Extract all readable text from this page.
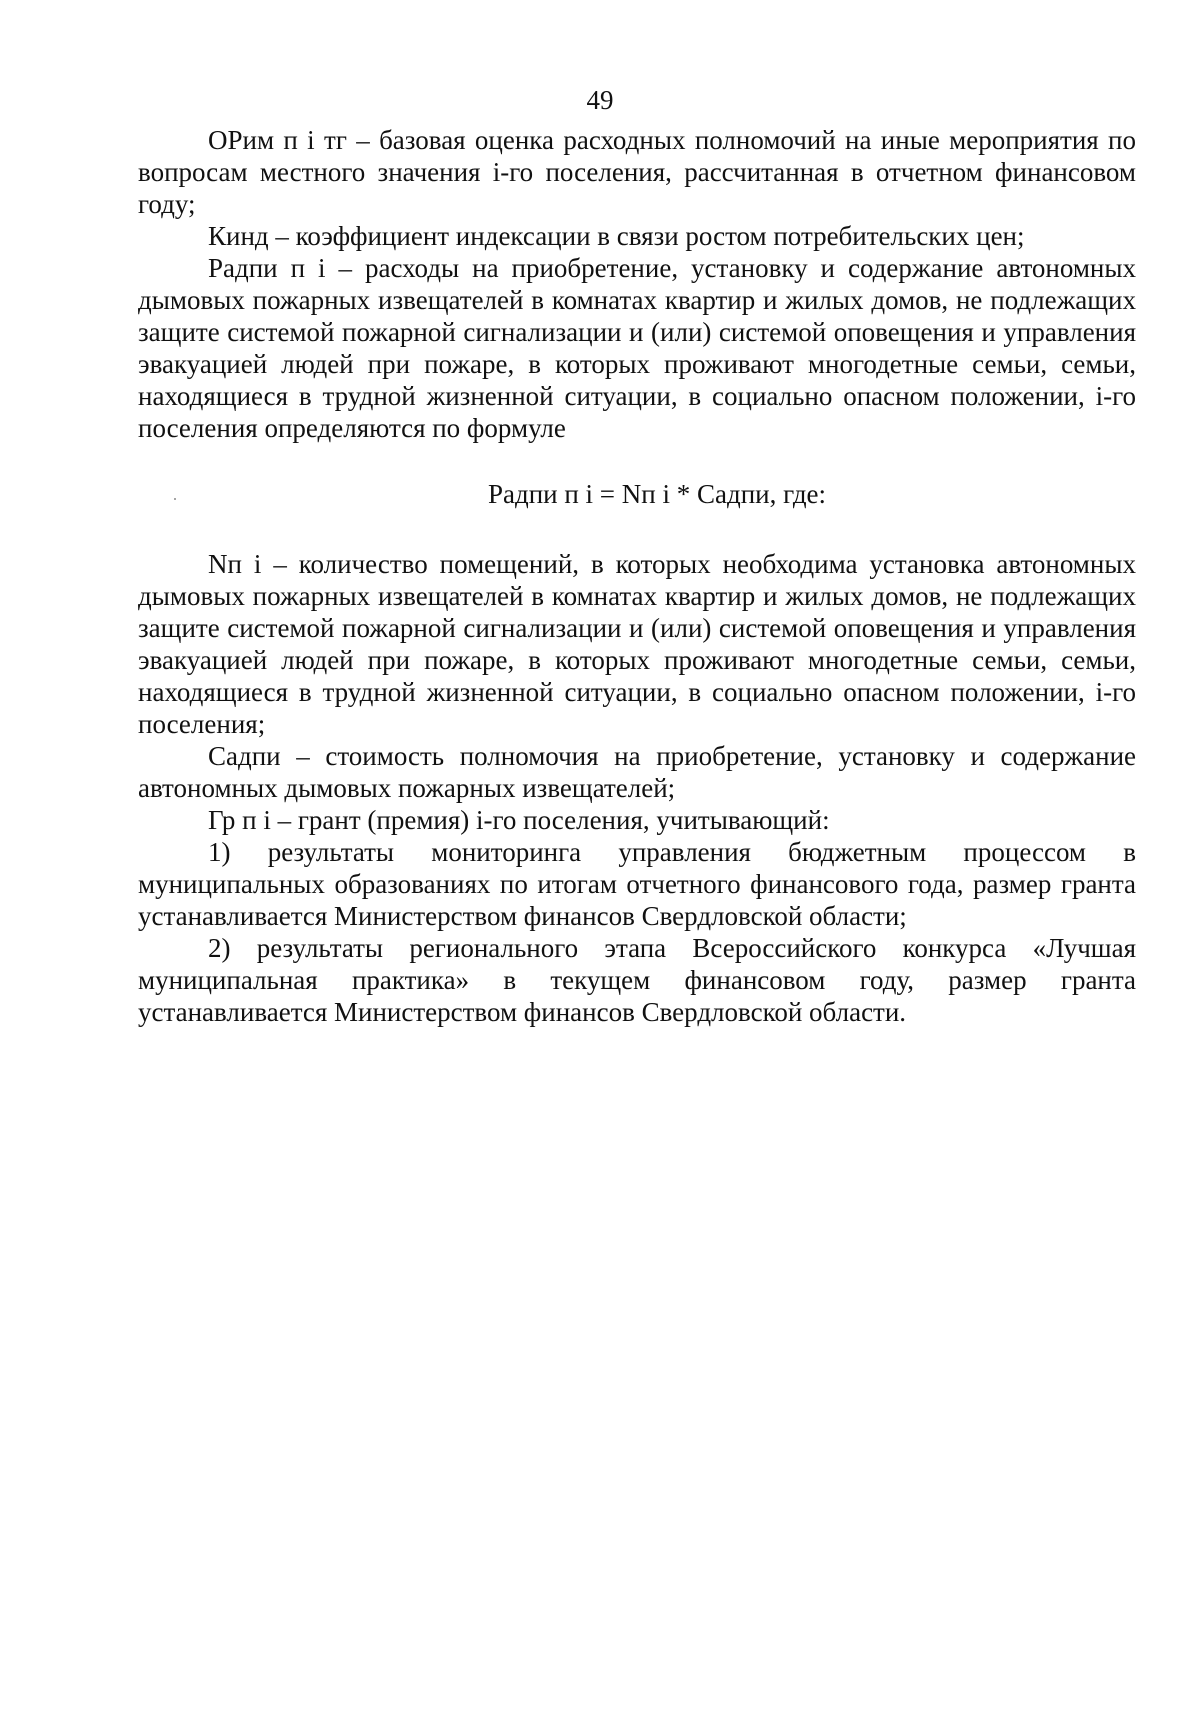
49

ОРим п i тг – базовая оценка расходных полномочий на иные мероприятия по вопросам местного значения i-го поселения, рассчитанная в отчетном финансовом году;

Кинд – коэффициент индексации в связи ростом потребительских цен;

Радпи п i – расходы на приобретение, установку и содержание автономных дымовых пожарных извещателей в комнатах квартир и жилых домов, не подлежащих защите системой пожарной сигнализации и (или) системой оповещения и управления эвакуацией людей при пожаре, в которых проживают многодетные семьи, семьи, находящиеся в трудной жизненной ситуации, в социально опасном положении, i-го поселения определяются по формуле

Радпи п i = Nп i * Садпи, где:

Nп i – количество помещений, в которых необходима установка автономных дымовых пожарных извещателей в комнатах квартир и жилых домов, не подлежащих защите системой пожарной сигнализации и (или) системой оповещения и управления эвакуацией людей при пожаре, в которых проживают многодетные семьи, семьи, находящиеся в трудной жизненной ситуации, в социально опасном положении, i-го поселения;

Садпи – стоимость полномочия на приобретение, установку и содержание автономных дымовых пожарных извещателей;

Гр п i – грант (премия) i-го поселения, учитывающий:

1) результаты мониторинга управления бюджетным процессом в муниципальных образованиях по итогам отчетного финансового года, размер гранта устанавливается Министерством финансов Свердловской области;

2) результаты регионального этапа Всероссийского конкурса «Лучшая муниципальная практика» в текущем финансовом году, размер гранта устанавливается Министерством финансов Свердловской области.
